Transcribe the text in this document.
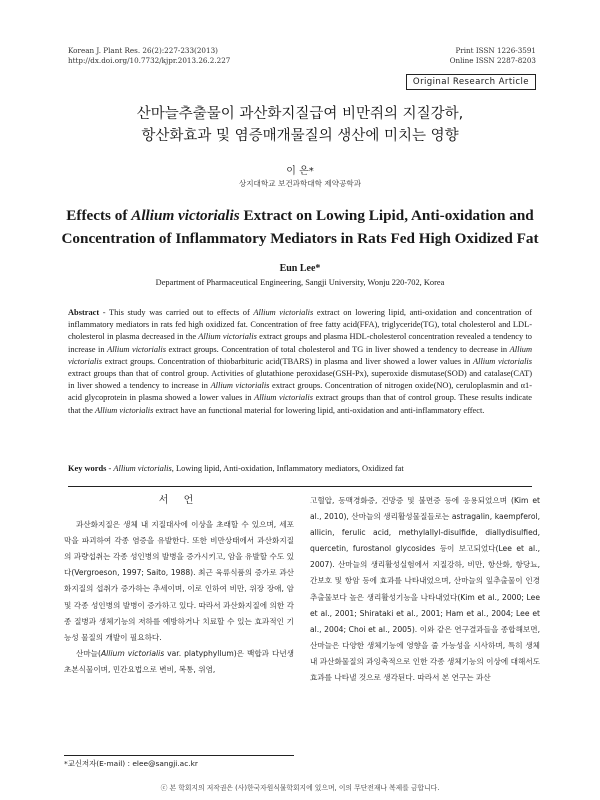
Korean J. Plant Res. 26(2):227-233(2013)
http://dx.doi.org/10.7732/kjpr.2013.26.2.227
Print ISSN 1226-3591
Online ISSN 2287-8203
Original Research Article
산마늘추출물이 과산화지질급여 비만쥐의 지질강하,
항산화효과 및 염증매개물질의 생산에 미치는 영향
이 은*
상지대학교 보건과학대학 제약공학과
Effects of Allium victorialis Extract on Lowing Lipid, Anti-oxidation and
Concentration of Inflammatory Mediators in Rats Fed High Oxidized Fat
Eun Lee*
Department of Pharmaceutical Engineering, Sangji University, Wonju 220-702, Korea
Abstract - This study was carried out to effects of Allium victorialis extract on lowering lipid, anti-oxidation and concentration of inflammatory mediators in rats fed high oxidized fat. Concentration of free fatty acid(FFA), triglyceride(TG), total cholesterol and LDL-cholesterol in plasma decreased in the Allium victorialis extract groups and plasma HDL-cholesterol concentration revealed a tendency to increase in Allium victorialis extract groups. Concentration of total cholesterol and TG in liver showed a tendency to decrease in Allium victorialis extract groups. Concentration of thiobarbituric acid(TBARS) in plasma and liver showed a lower values in Allium victorialis extract groups than that of control group. Activities of glutathione peroxidase(GSH-Px), superoxide dismutase(SOD) and catalase(CAT) in liver showed a tendency to increase in Allium victorialis extract groups. Concentration of nitrogen oxide(NO), ceruloplasmin and α1-acid glycoprotein in plasma showed a lower values in Allium victorialis extract groups than that of control group. These results indicate that the Allium victorialis extract have an functional material for lowering lipid, anti-oxidation and anti-inflammatory effect.
Key words - Allium victorialis, Lowing lipid, Anti-oxidation, Inflammatory mediators, Oxidized fat
서 언

과산화지질은 생체 내 지질대사에 이상을 초래할 수 있으며, 세포막을 파괴하여 각종 염증을 유발한다. 또한 비만상태에서 과산화지질의 과량섭취는 각종 성인병의 발병을 증가시키고, 암을 유발할 수도 있다(Vergroeson, 1997; Saito, 1988). 최근 육류식품의 증가로 과산화지질의 섭취가 증가하는 추세이며, 이로 인하여 비만, 위장 장애, 암 및 각종 성인병의 발병이 증가하고 있다. 따라서 과산화지질에 의한 각종 질병과 생체기능의 저하를 예방하거나 치료할 수 있는 효과적인 기능성 물질의 개발이 필요하다.

산마늘(Allium victorialis var. platyphyllum)은 백합과 다년생 초본식물이며, 민간요법으로 변비, 복통, 위염,

고혈압, 동맥경화증, 건망증 및 불면증 등에 응용되었으며 (Kim et al., 2010), 산마늘의 생리활성물질들로는 astragalin, kaempferol, allicin, ferulic acid, methylallyl-disulfide, diallydisulfied, quercetin, furostanol glycosides 등이 보고되었다(Lee et al., 2007). 산마늘의 생리활성실험에서 지질강하, 비만, 항산화, 항당뇨, 간보호 및 항암 등에 효과를 나타내었으며, 산마늘의 잎추출물이 인경추출물보다 높은 생리활성기능을 나타내었다(Kim et al., 2000; Lee et al., 2001; Shirataki et al., 2001; Ham et al., 2004; Lee et al., 2004; Choi et al., 2005). 이와 같은 연구결과들을 종합해보면, 산마늘은 다양한 생체기능에 영향을 줄 가능성을 시사하며, 특히 생체 내 과산화물질의 과잉축적으로 인한 각종 생체기능의 이상에 대해서도 효과를 나타낼 것으로 생각된다. 따라서 본 연구는 과산

*교신저자(E-mail) : elee@sangji.ac.kr
ⓒ 본 학회지의 저작권은 (사)한국자원식물학회지에 있으며, 이의 무단전재나 복제를 금합니다.
